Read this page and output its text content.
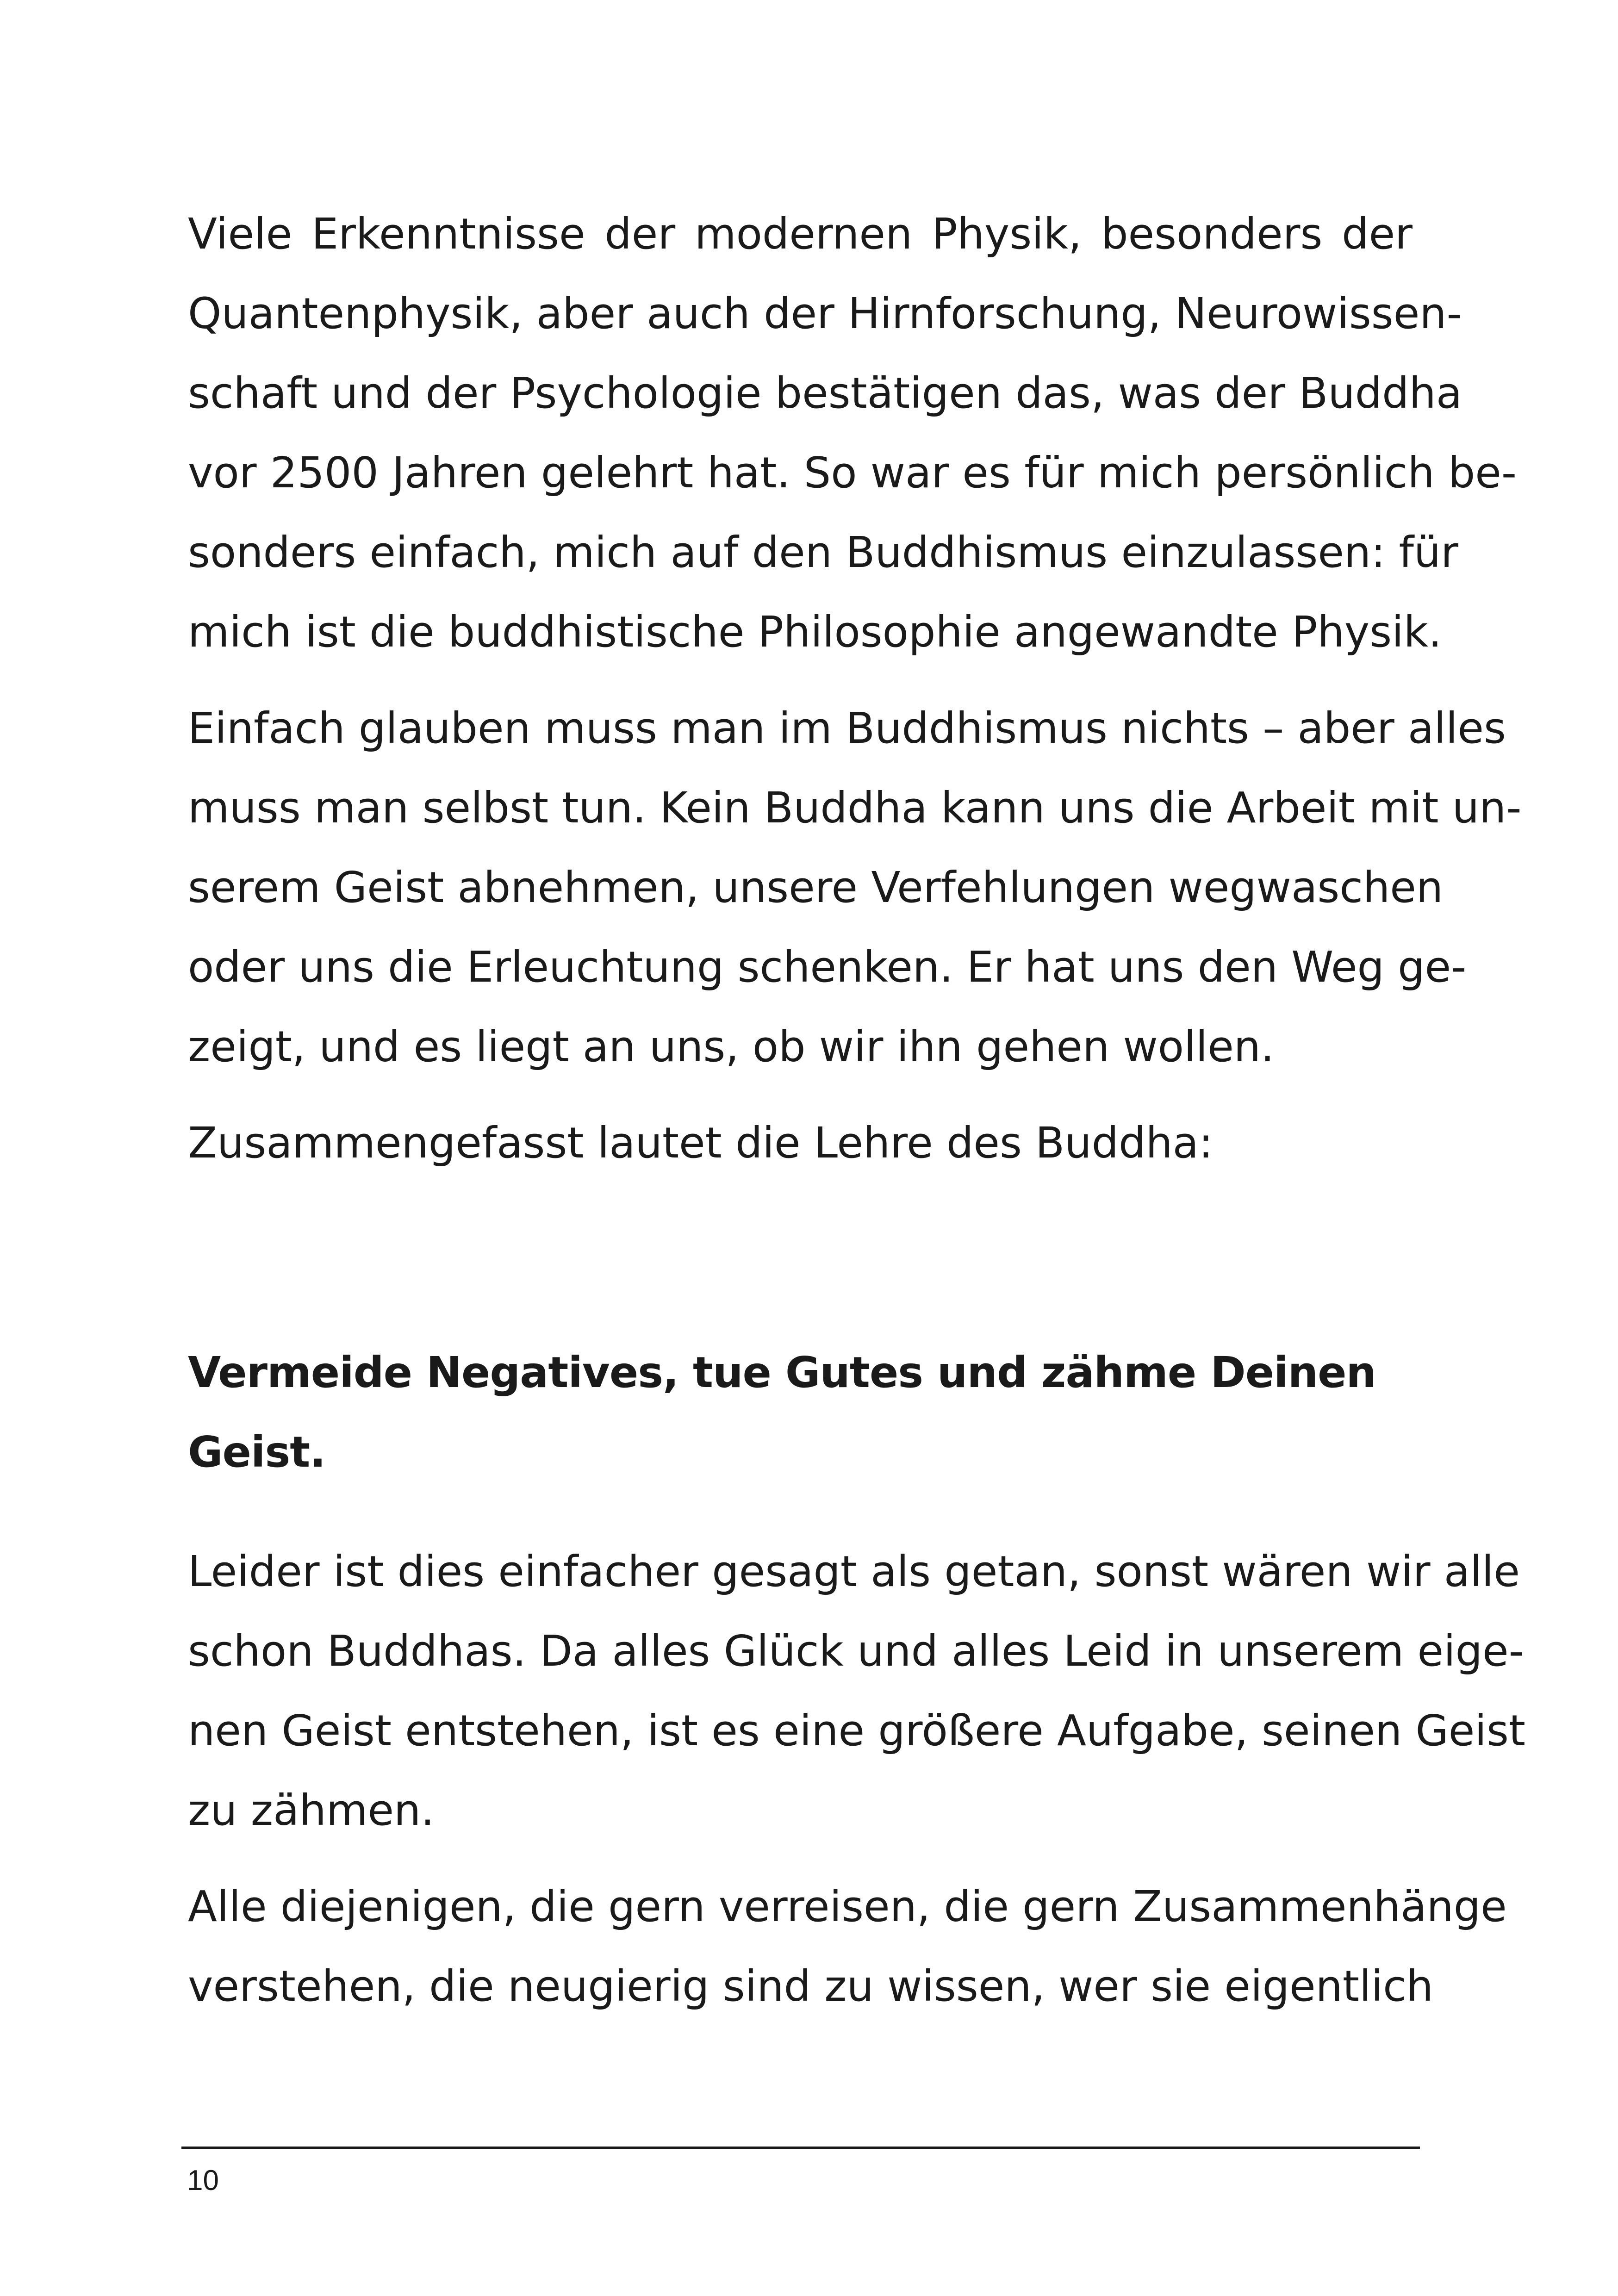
Viele Erkenntnisse der modernen Physik, besonders der
Quantenphysik, aber auch der Hirnforschung, Neurowissen-
schaft und der Psychologie bestätigen das, was der Buddha
vor 2500 Jahren gelehrt hat. So war es für mich persönlich be-
sonders einfach, mich auf den Buddhismus einzulassen: für
mich ist die buddhistische Philosophie angewandte Physik.

Einfach glauben muss man im Buddhismus nichts – aber alles
muss man selbst tun. Kein Buddha kann uns die Arbeit mit un-
serem Geist abnehmen, unsere Verfehlungen wegwaschen
oder uns die Erleuchtung schenken. Er hat uns den Weg ge-
zeigt, und es liegt an uns, ob wir ihn gehen wollen.

Zusammengefasst lautet die Lehre des Buddha:

Vermeide Negatives, tue Gutes und zähme Deinen Geist.

Leider ist dies einfacher gesagt als getan, sonst wären wir alle
schon Buddhas. Da alles Glück und alles Leid in unserem eige-
nen Geist entstehen, ist es eine größere Aufgabe, seinen Geist
zu zähmen.

Alle diejenigen, die gern verreisen, die gern Zusammenhänge
verstehen, die neugierig sind zu wissen, wer sie eigentlich

10
